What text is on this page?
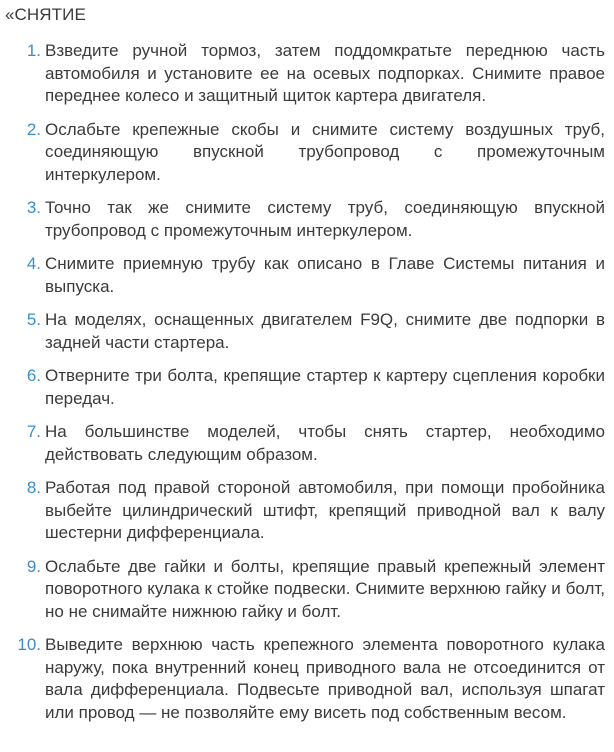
«СНЯТИЕ
1. Взведите ручной тормоз, затем поддомкратьте переднюю часть автомобиля и установите ее на осевых подпорках. Снимите правое переднее колесо и защитный щиток картера двигателя.
2. Ослабьте крепежные скобы и снимите систему воздушных труб, соединяющую впускной трубопровод с промежуточным интеркулером.
3. Точно так же снимите систему труб, соединяющую впускной трубопровод с промежуточным интеркулером.
4. Снимите приемную трубу как описано в Главе Системы питания и выпуска.
5. На моделях, оснащенных двигателем F9Q, снимите две подпорки в задней части стартера.
6. Отверните три болта, крепящие стартер к картеру сцепления коробки передач.
7. На большинстве моделей, чтобы снять стартер, необходимо действовать следующим образом.
8. Работая под правой стороной автомобиля, при помощи пробойника выбейте цилиндрический штифт, крепящий приводной вал к валу шестерни дифференциала.
9. Ослабьте две гайки и болты, крепящие правый крепежный элемент поворотного кулака к стойке подвески. Снимите верхнюю гайку и болт, но не снимайте нижнюю гайку и болт.
10. Выведите верхнюю часть крепежного элемента поворотного кулака наружу, пока внутренний конец приводного вала не отсоединится от вала дифференциала. Подвесьте приводной вал, используя шпагат или провод — не позволяйте ему висеть под собственным весом.
